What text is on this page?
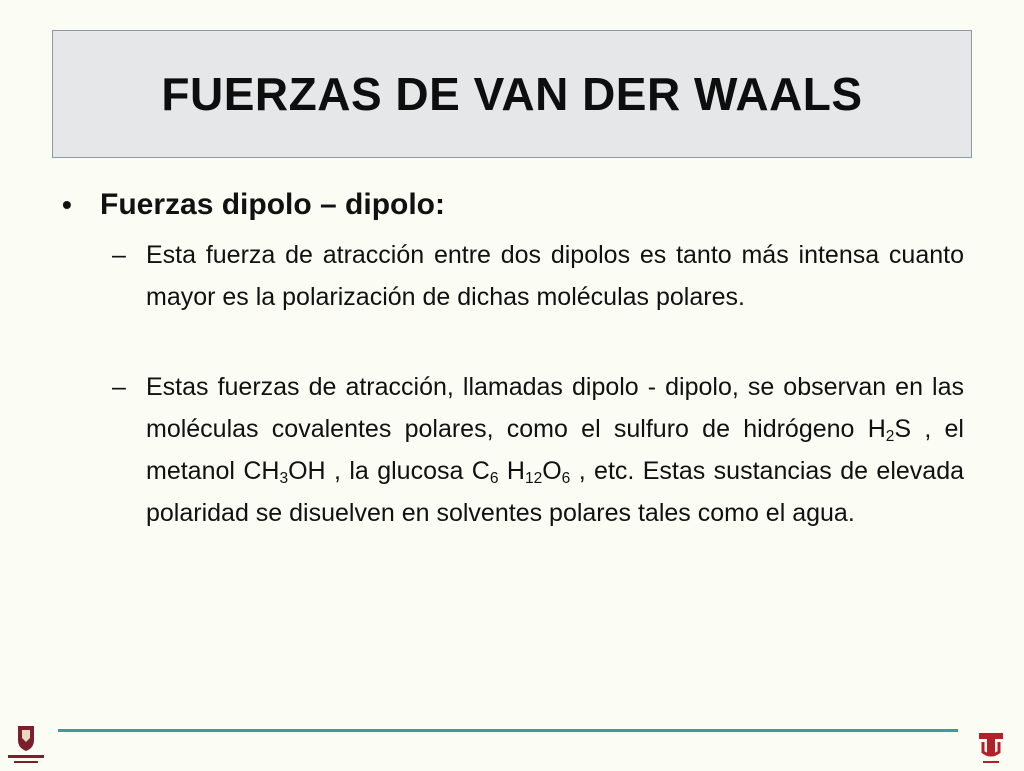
FUERZAS DE VAN DER WAALS
• Fuerzas dipolo – dipolo:
– Esta fuerza de atracción entre dos dipolos es tanto más intensa cuanto mayor es la polarización de dichas moléculas polares.
– Estas fuerzas de atracción, llamadas dipolo - dipolo, se observan en las moléculas covalentes polares, como el sulfuro de hidrógeno $H_2S$ , el metanol $CH_3OH$ , la glucosa $C_6$ $H_{12}O_6$ , etc. Estas sustancias de elevada polaridad se disuelven en solventes polares tales como el agua.
